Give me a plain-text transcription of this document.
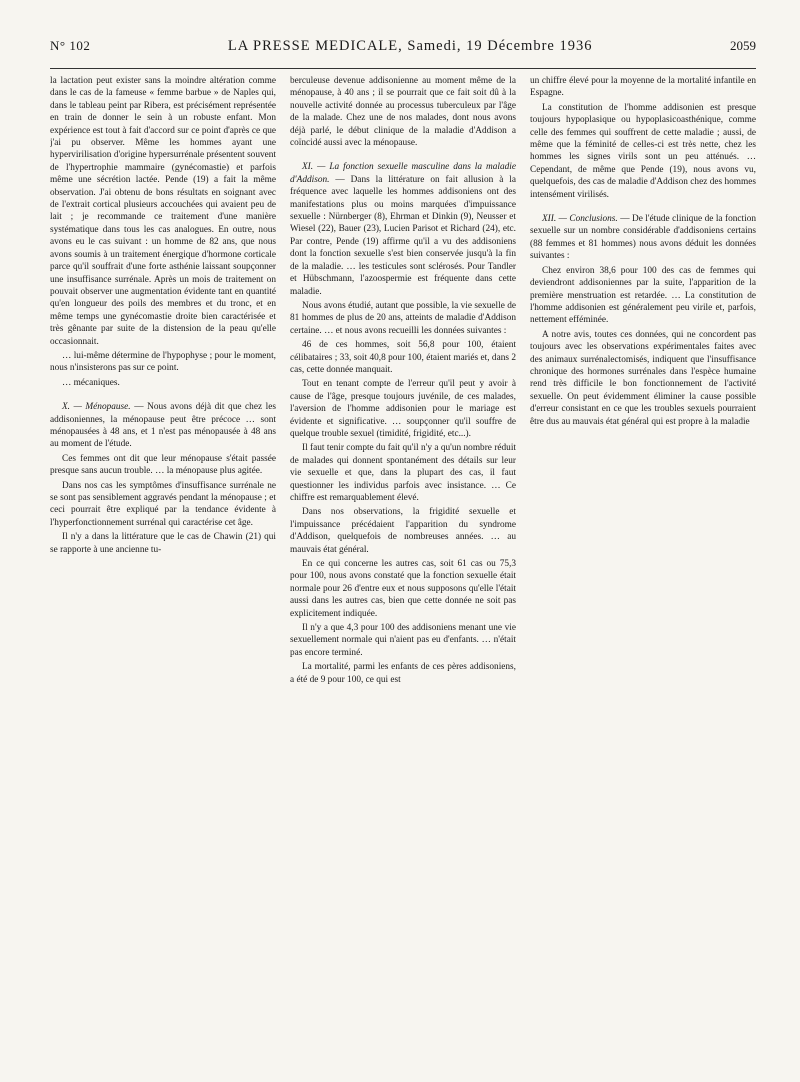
N° 102	LA PRESSE MEDICALE, Samedi, 19 Décembre 1936	2059

la lactation peut exister sans la moindre altération comme dans le cas de la fameuse « femme barbue » de Naples qui, dans le tableau peint par Ribera, est précisément représentée en train de donner le sein à un robuste enfant. Mon expérience est tout à fait d'accord sur ce point d'après ce que j'ai pu observer. Même les hommes ayant une hypervirilisation d'origine hypersurrénale présentent souvent de l'hypertrophie mammaire (gynécomastie) et parfois même une sécrétion lactée. Pende (19) a fait la même observation. J'ai obtenu de bons résultats en soignant avec de l'extrait cortical plusieurs accouchées qui avaient peu de lait ; je recommande ce traitement d'une manière systématique dans tous les cas analogues. En outre, nous avons eu le cas suivant : un homme de 82 ans, que nous avons soumis à un traitement énergique d'hormone corticale parce qu'il souffrait d'une forte asthénie laissant soupçonner une insuffisance surrénale. Après un mois de traitement on pouvait observer une augmentation évidente tant en quantité qu'en longueur des poils des membres et du tronc, et en même temps une gynécomastie droite bien caractérisée et très gênante par suite de la distension de la peau qu'elle occasionnait.

… lui-même détermine de l'hypophyse ; pour le moment, nous n'insisterons pas sur ce point.

… mécaniques.

X. — Ménopause. — Nous avons déjà dit que chez les addisoniennes, la ménopause peut être précoce … sont ménopausées à 48 ans, et 1 n'est pas ménopausée à 48 ans au moment de l'étude.

Ces femmes ont dit que leur ménopause s'était passée presque sans aucun trouble. … la ménopause plus agitée.

Dans nos cas les symptômes d'insuffisance surrénale ne se sont pas sensiblement aggravés pendant la ménopause ; et ceci pourrait être expliqué par la tendance évidente à l'hyperfonctionnement surrénal qui caractérise cet âge.

Il n'y a dans la littérature que le cas de Chawin (21) qui se rapporte à une ancienne tu-

berculeuse devenue addisonienne au moment même de la ménopause, à 40 ans ; il se pourrait que ce fait soit dû à la nouvelle activité donnée au processus tuberculeux par l'âge de la malade. Chez une de nos malades, dont nous avons déjà parlé, le début clinique de la maladie d'Addison a coïncidé aussi avec la ménopause.

XI. — La fonction sexuelle masculine dans la maladie d'Addison. — Dans la littérature on fait allusion à la fréquence avec laquelle les hommes addisoniens ont des manifestations plus ou moins marquées d'impuissance sexuelle : Nürnberger (8), Ehrman et Dinkin (9), Neusser et Wiesel (22), Bauer (23), Lucien Parisot et Richard (24), etc. Par contre, Pende (19) affirme qu'il a vu des addisoniens dont la fonction sexuelle s'est bien conservée jusqu'à la fin de la maladie. … les testicules sont sclérosés. Pour Tandler et Hübschmann, l'azoospermie est fréquente dans cette maladie.

Nous avons étudié, autant que possible, la vie sexuelle de 81 hommes de plus de 20 ans, atteints de maladie d'Addison certaine. … et nous avons recueilli les données suivantes :

46 de ces hommes, soit 56,8 pour 100, étaient célibataires ; 33, soit 40,8 pour 100, étaient mariés et, dans 2 cas, cette donnée manquait.

Tout en tenant compte de l'erreur qu'il peut y avoir à cause de l'âge, presque toujours juvénile, de ces malades, l'aversion de l'homme addisonien pour le mariage est évidente et significative. … soupçonner qu'il souffre de quelque trouble sexuel (timidité, frigidité, etc...).

Il faut tenir compte du fait qu'il n'y a qu'un nombre réduit de malades qui donnent spontanément des détails sur leur vie sexuelle et que, dans la plupart des cas, il faut questionner les individus parfois avec insistance. … Ce chiffre est remarquablement élevé.

Dans nos observations, la frigidité sexuelle et l'impuissance précédaient l'apparition du syndrome d'Addison, quelquefois de nombreuses années. … au mauvais état général.

En ce qui concerne les autres cas, soit 61 cas ou 75,3 pour 100, nous avons constaté que la fonction sexuelle était normale pour 26 d'entre eux et nous supposons qu'elle l'était aussi dans les autres cas, bien que cette donnée ne soit pas explicitement indiquée.

Il n'y a que 4,3 pour 100 des addisoniens menant une vie sexuellement normale qui n'aient pas eu d'enfants. … n'était pas encore terminé.

La mortalité, parmi les enfants de ces pères addisoniens, a été de 9 pour 100, ce qui est

un chiffre élevé pour la moyenne de la mortalité infantile en Espagne.

La constitution de l'homme addisonien est presque toujours hypoplasique ou hypoplasicoasthénique, comme celle des femmes qui souffrent de cette maladie ; aussi, de même que la féminité de celles-ci est très nette, chez les hommes les signes virils sont un peu atténués. … Cependant, de même que Pende (19), nous avons vu, quelquefois, des cas de maladie d'Addison chez des hommes intensément virilisés.

XII. — Conclusions. — De l'étude clinique de la fonction sexuelle sur un nombre considérable d'addisoniens certains (88 femmes et 81 hommes) nous avons déduit les données suivantes :

Chez environ 38,6 pour 100 des cas de femmes qui deviendront addisoniennes par la suite, l'apparition de la première menstruation est retardée. … La constitution de l'homme addisonien est généralement peu virile et, parfois, nettement efféminée.

A notre avis, toutes ces données, qui ne concordent pas toujours avec les observations expérimentales faites avec des animaux surrénalectomisés, indiquent que l'insuffisance chronique des hormones surrénales dans l'espèce humaine rend très difficile le bon fonctionnement de l'activité sexuelle. On peut évidemment éliminer la cause possible d'erreur consistant en ce que les troubles sexuels pourraient être dus au mauvais état général qui est propre à la maladie
